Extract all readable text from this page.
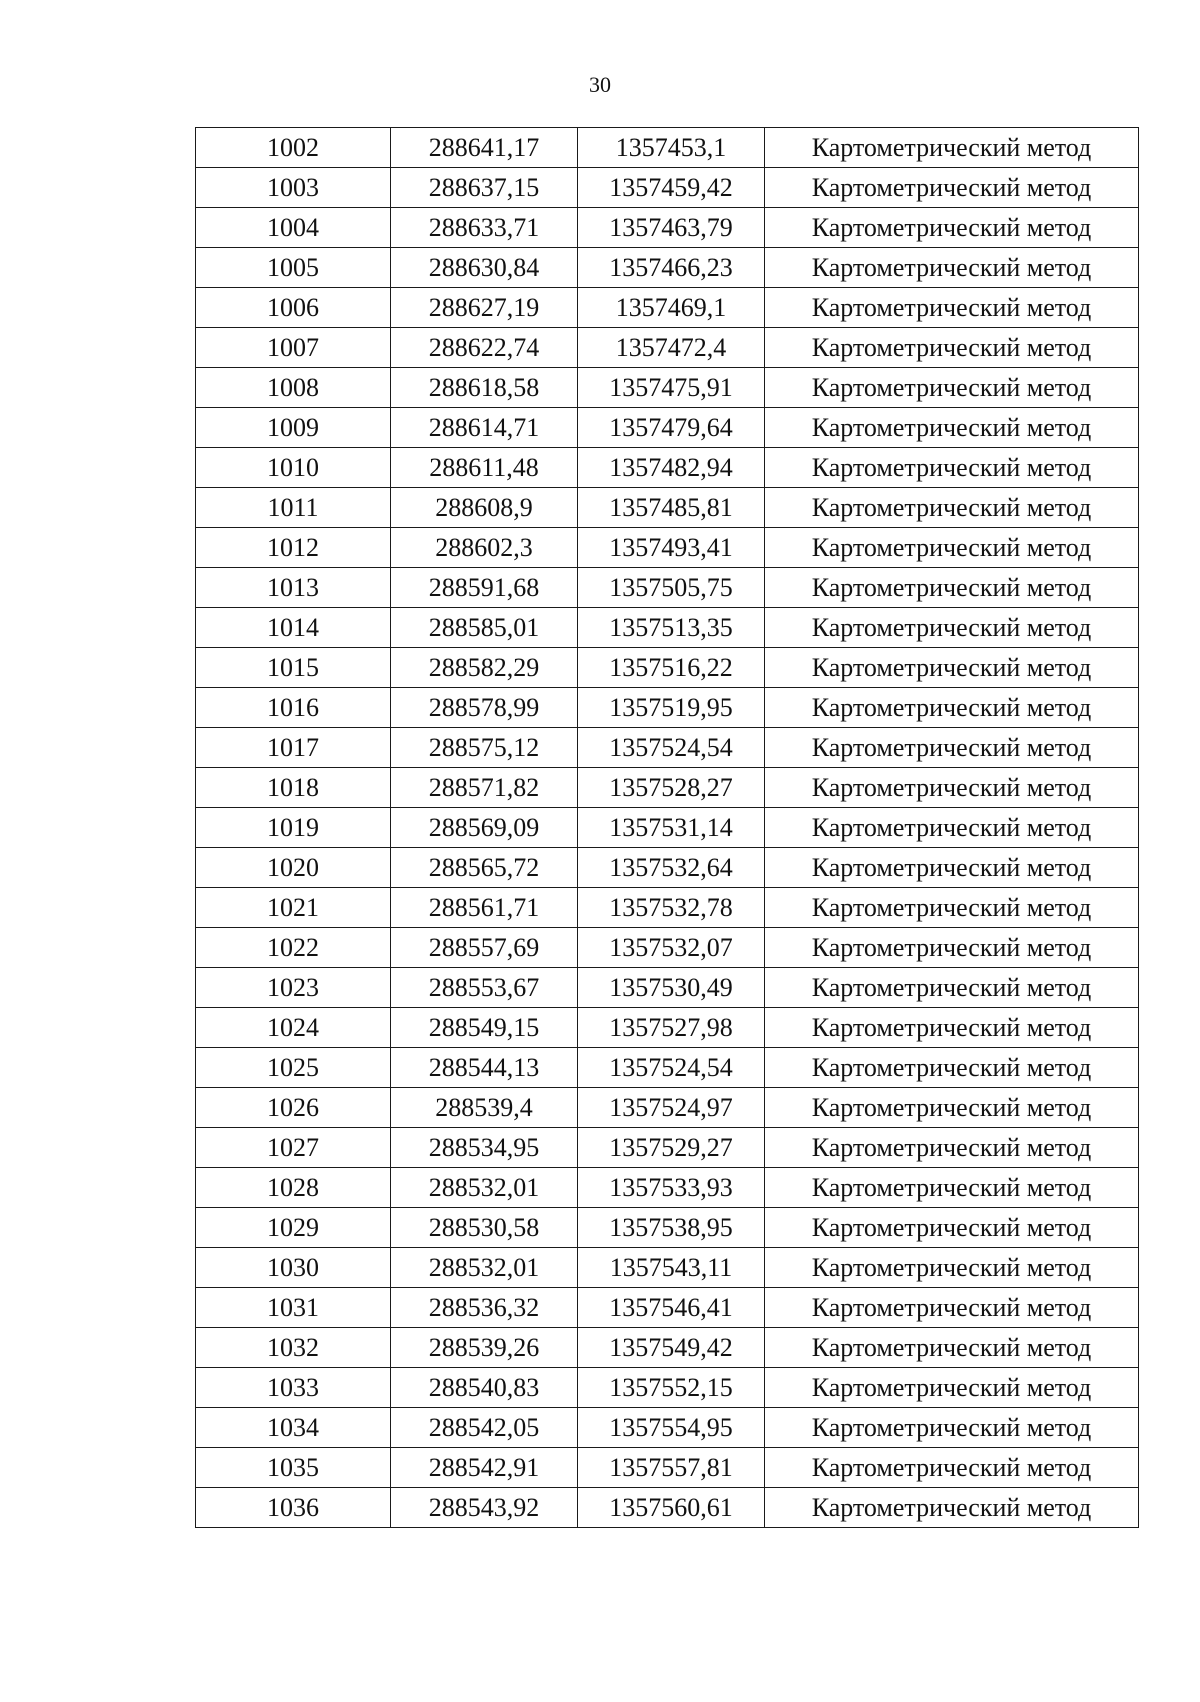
30
1002	288641,17	1357453,1	Картометрический метод
1003	288637,15	1357459,42	Картометрический метод
1004	288633,71	1357463,79	Картометрический метод
1005	288630,84	1357466,23	Картометрический метод
1006	288627,19	1357469,1	Картометрический метод
1007	288622,74	1357472,4	Картометрический метод
1008	288618,58	1357475,91	Картометрический метод
1009	288614,71	1357479,64	Картометрический метод
1010	288611,48	1357482,94	Картометрический метод
1011	288608,9	1357485,81	Картометрический метод
1012	288602,3	1357493,41	Картометрический метод
1013	288591,68	1357505,75	Картометрический метод
1014	288585,01	1357513,35	Картометрический метод
1015	288582,29	1357516,22	Картометрический метод
1016	288578,99	1357519,95	Картометрический метод
1017	288575,12	1357524,54	Картометрический метод
1018	288571,82	1357528,27	Картометрический метод
1019	288569,09	1357531,14	Картометрический метод
1020	288565,72	1357532,64	Картометрический метод
1021	288561,71	1357532,78	Картометрический метод
1022	288557,69	1357532,07	Картометрический метод
1023	288553,67	1357530,49	Картометрический метод
1024	288549,15	1357527,98	Картометрический метод
1025	288544,13	1357524,54	Картометрический метод
1026	288539,4	1357524,97	Картометрический метод
1027	288534,95	1357529,27	Картометрический метод
1028	288532,01	1357533,93	Картометрический метод
1029	288530,58	1357538,95	Картометрический метод
1030	288532,01	1357543,11	Картометрический метод
1031	288536,32	1357546,41	Картометрический метод
1032	288539,26	1357549,42	Картометрический метод
1033	288540,83	1357552,15	Картометрический метод
1034	288542,05	1357554,95	Картометрический метод
1035	288542,91	1357557,81	Картометрический метод
1036	288543,92	1357560,61	Картометрический метод
